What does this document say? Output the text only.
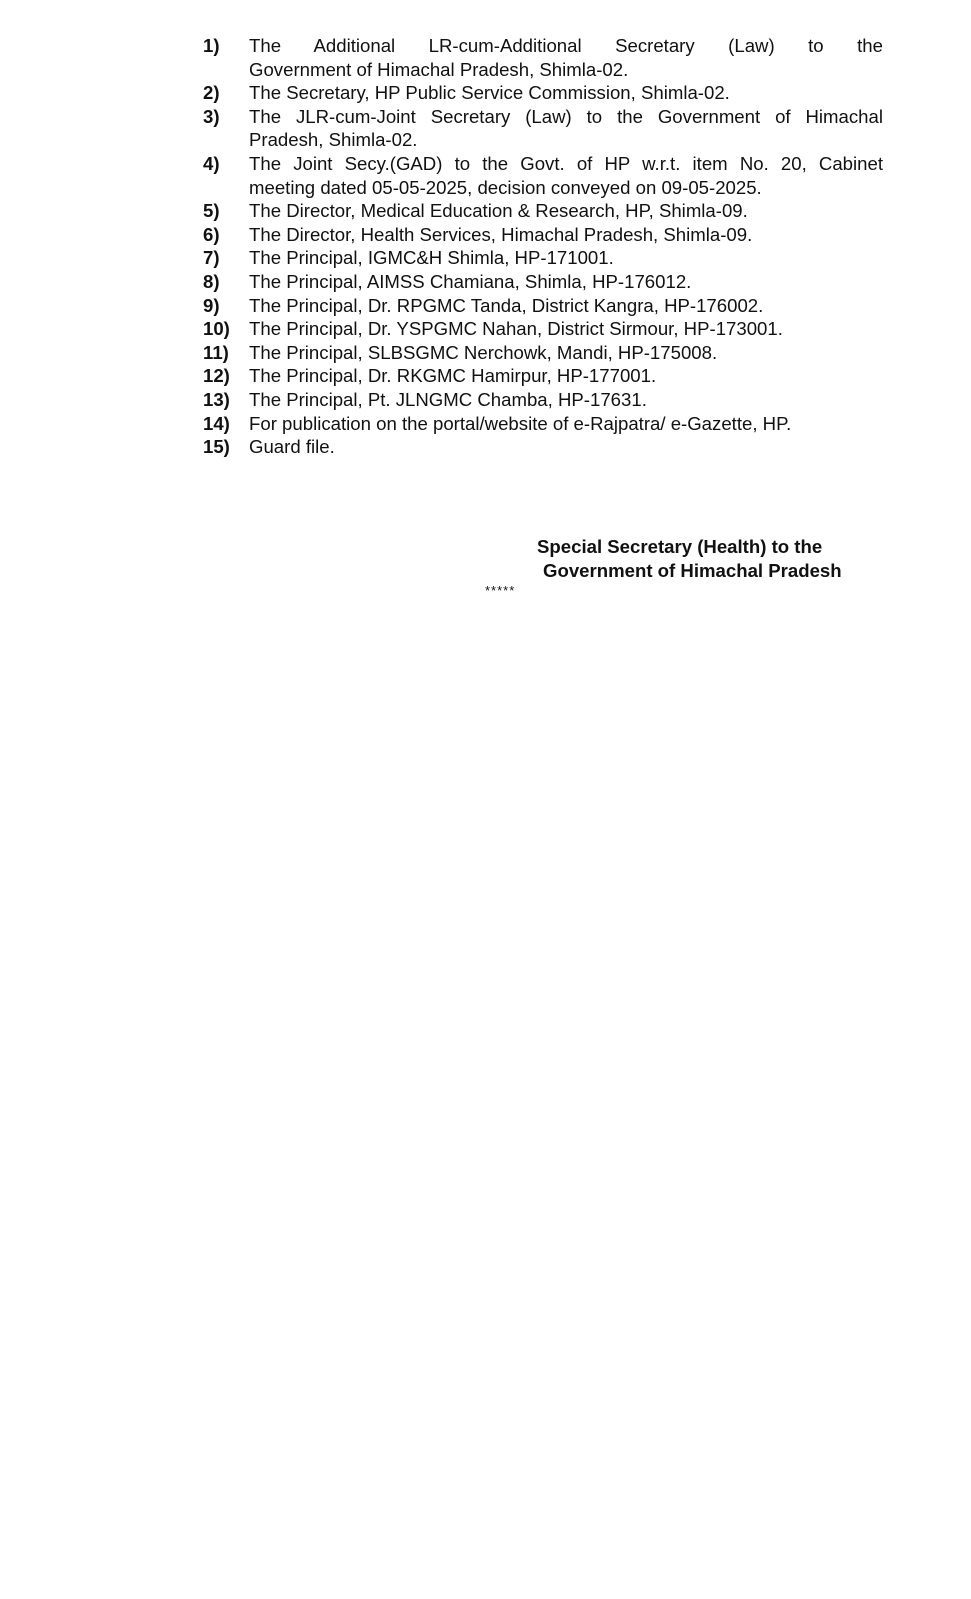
1)	The Additional LR-cum-Additional Secretary (Law) to the
Government of Himachal Pradesh, Shimla-02.
2)	The Secretary, HP Public Service Commission, Shimla-02.
3)	The JLR-cum-Joint Secretary (Law) to the Government of Himachal
Pradesh, Shimla-02.
4)	The Joint Secy.(GAD) to the Govt. of HP w.r.t. item No. 20, Cabinet
meeting dated 05-05-2025, decision conveyed on 09-05-2025.
5)	The Director, Medical Education & Research, HP, Shimla-09.
6)	The Director, Health Services, Himachal Pradesh, Shimla-09.
7)	The Principal, IGMC&H Shimla, HP-171001.
8)	The Principal, AIMSS Chamiana, Shimla, HP-176012.
9)	The Principal, Dr. RPGMC Tanda, District Kangra, HP-176002.
10)	The Principal, Dr. YSPGMC Nahan, District Sirmour, HP-173001.
11)	The Principal, SLBSGMC Nerchowk, Mandi, HP-175008.
12)	The Principal, Dr. RKGMC Hamirpur, HP-177001.
13)	The Principal, Pt. JLNGMC Chamba, HP-17631.
14)	For publication on the portal/website of e-Rajpatra/ e-Gazette, HP.
15)	Guard file.
Special Secretary (Health) to the
Government of Himachal Pradesh
*****
